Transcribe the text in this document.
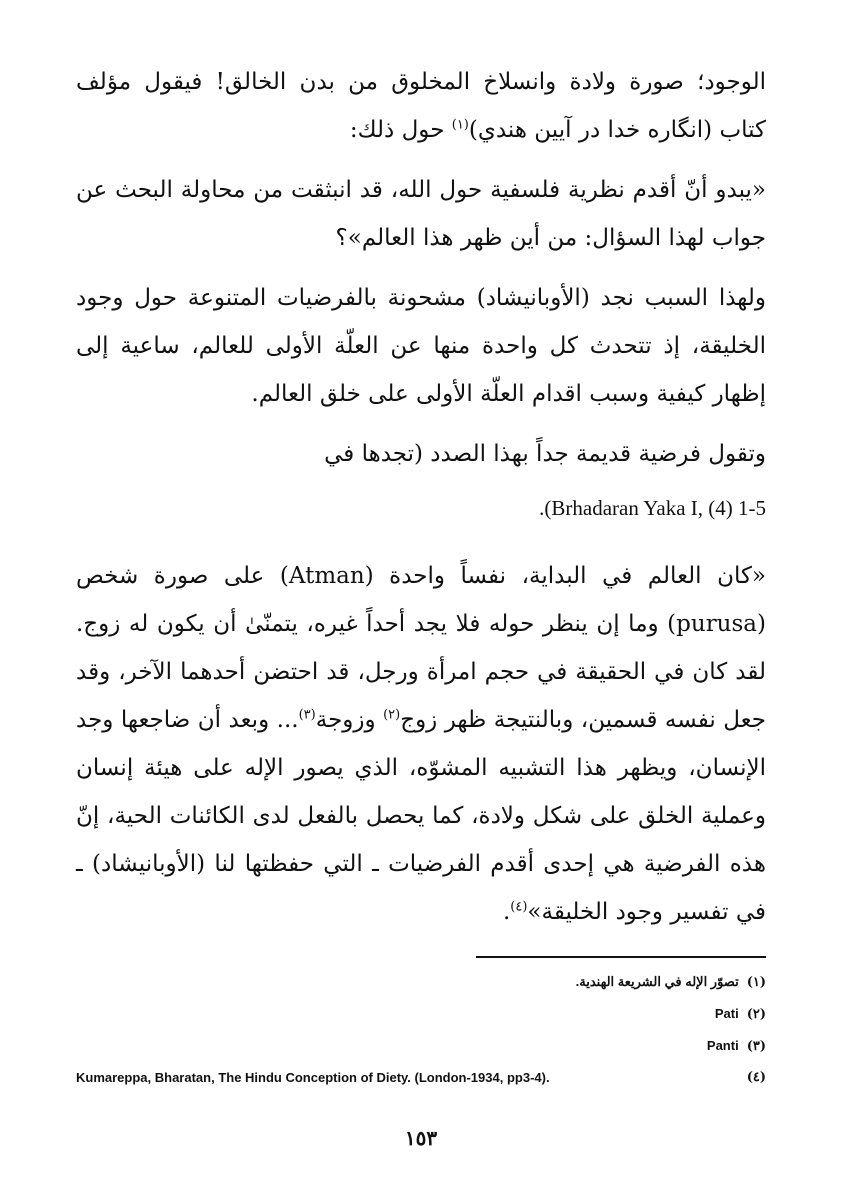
الوجود؛ صورة ولادة وانسلاخ المخلوق من بدن الخالق! فيقول مؤلف كتاب (انگاره خدا در آيين هندي)$^{(١)}$ حول ذلك:

«يبدو أنّ أقدم نظرية فلسفية حول الله، قد انبثقت من محاولة البحث عن جواب لهذا السؤال: من أين ظهر هذا العالم»؟

ولهذا السبب نجد (الأوبانيشاد) مشحونة بالفرضيات المتنوعة حول وجود الخليقة، إذ تتحدث كل واحدة منها عن العلّة الأولى للعالم، ساعية إلى إظهار كيفية وسبب اقدام العلّة الأولى على خلق العالم.

وتقول فرضية قديمة جداً بهذا الصدد (تجدها في

.(Brhadaran Yaka I, (4) 1-5

«كان العالم في البداية، نفساً واحدة (Atman) على صورة شخص (purusa) وما إن ينظر حوله فلا يجد أحداً غيره، يتمنّىٰ أن يكون له زوج. لقد كان في الحقيقة في حجم امرأة ورجل، قد احتضن أحدهما الآخر، وقد جعل نفسه قسمين، وبالنتيجة ظهر زوج$^{(٢)}$ وزوجة$^{(٣)}$... وبعد أن ضاجعها وجد الإنسان، ويظهر هذا التشبيه المشوّه، الذي يصور الإله على هيئة إنسان وعملية الخلق على شكل ولادة، كما يحصل بالفعل لدى الكائنات الحية، إنّ هذه الفرضية هي إحدى أقدم الفرضيات ـ التي حفظتها لنا (الأوبانيشاد) ـ في تفسير وجود الخليقة»$^{(٤)}$.

(١)تصوّر الإله في الشريعة الهندية.
(٢)Pati
(٣)Panti
Kumareppa, Bharatan, The Hindu Conception of Diety. (London-1934, pp3-4).	(٤)
١٥٣
